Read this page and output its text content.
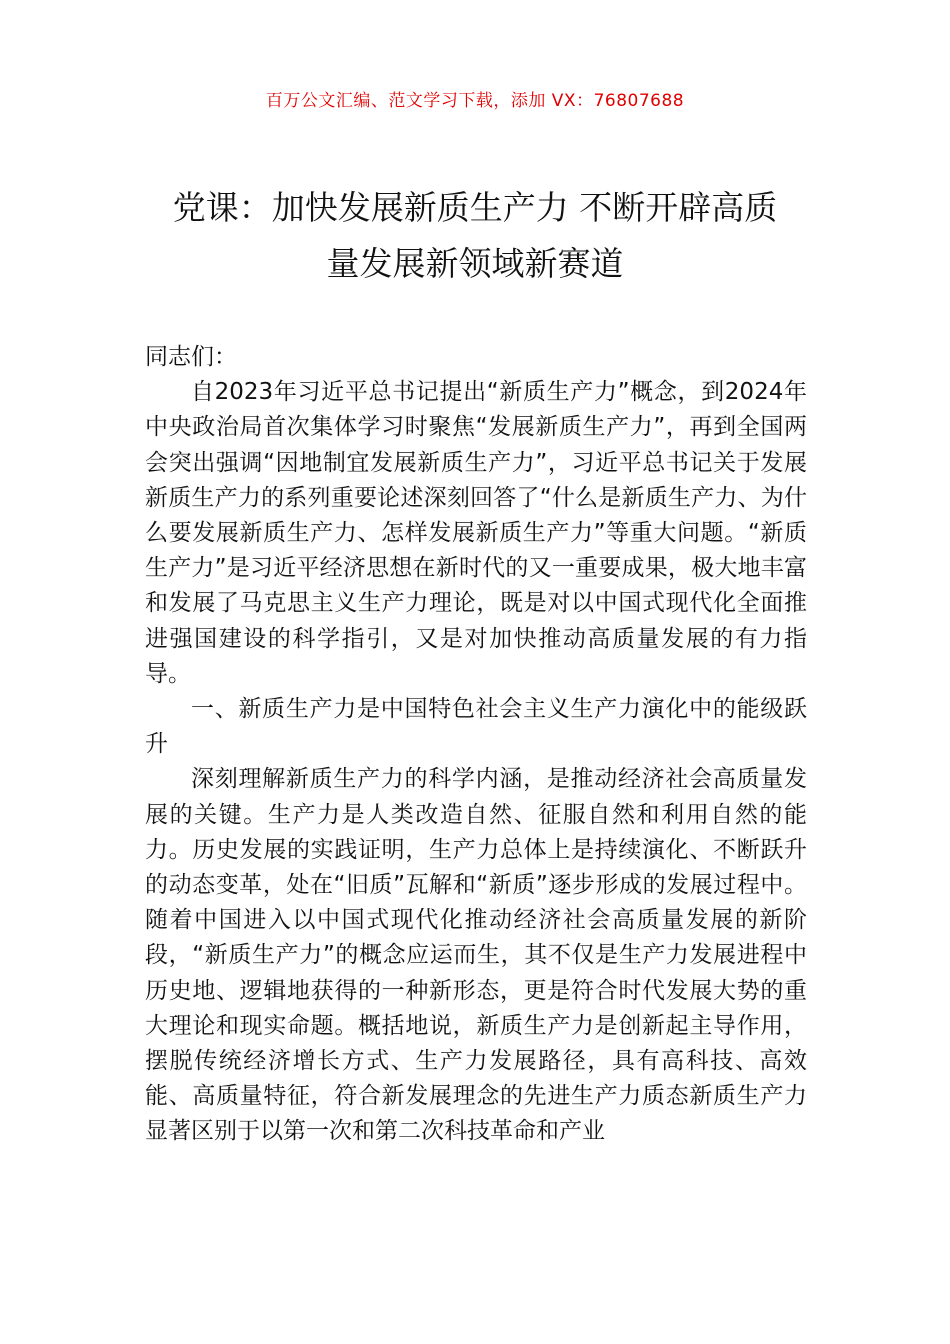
百万公文汇编、范文学习下载，添加 VX：76807688
党课：加快发展新质生产力 不断开辟高质
量发展新领域新赛道

同志们：

自2023年习近平总书记提出“新质生产力”概念，到2024年中央政治局首次集体学习时聚焦“发展新质生产力”，再到全国两会突出强调“因地制宜发展新质生产力”，习近平总书记关于发展新质生产力的系列重要论述深刻回答了“什么是新质生产力、为什么要发展新质生产力、怎样发展新质生产力”等重大问题。“新质生产力”是习近平经济思想在新时代的又一重要成果，极大地丰富和发展了马克思主义生产力理论，既是对以中国式现代化全面推进强国建设的科学指引，又是对加快推动高质量发展的有力指导。

一、新质生产力是中国特色社会主义生产力演化中的能级跃升

深刻理解新质生产力的科学内涵，是推动经济社会高质量发展的关键。生产力是人类改造自然、征服自然和利用自然的能力。历史发展的实践证明，生产力总体上是持续演化、不断跃升的动态变革，处在“旧质”瓦解和“新质”逐步形成的发展过程中。随着中国进入以中国式现代化推动经济社会高质量发展的新阶段，“新质生产力”的概念应运而生，其不仅是生产力发展进程中历史地、逻辑地获得的一种新形态，更是符合时代发展大势的重大理论和现实命题。概括地说，新质生产力是创新起主导作用，摆脱传统经济增长方式、生产力发展路径，具有高科技、高效能、高质量特征，符合新发展理念的先进生产力质态新质生产力显著区别于以第一次和第二次科技革命和产业
